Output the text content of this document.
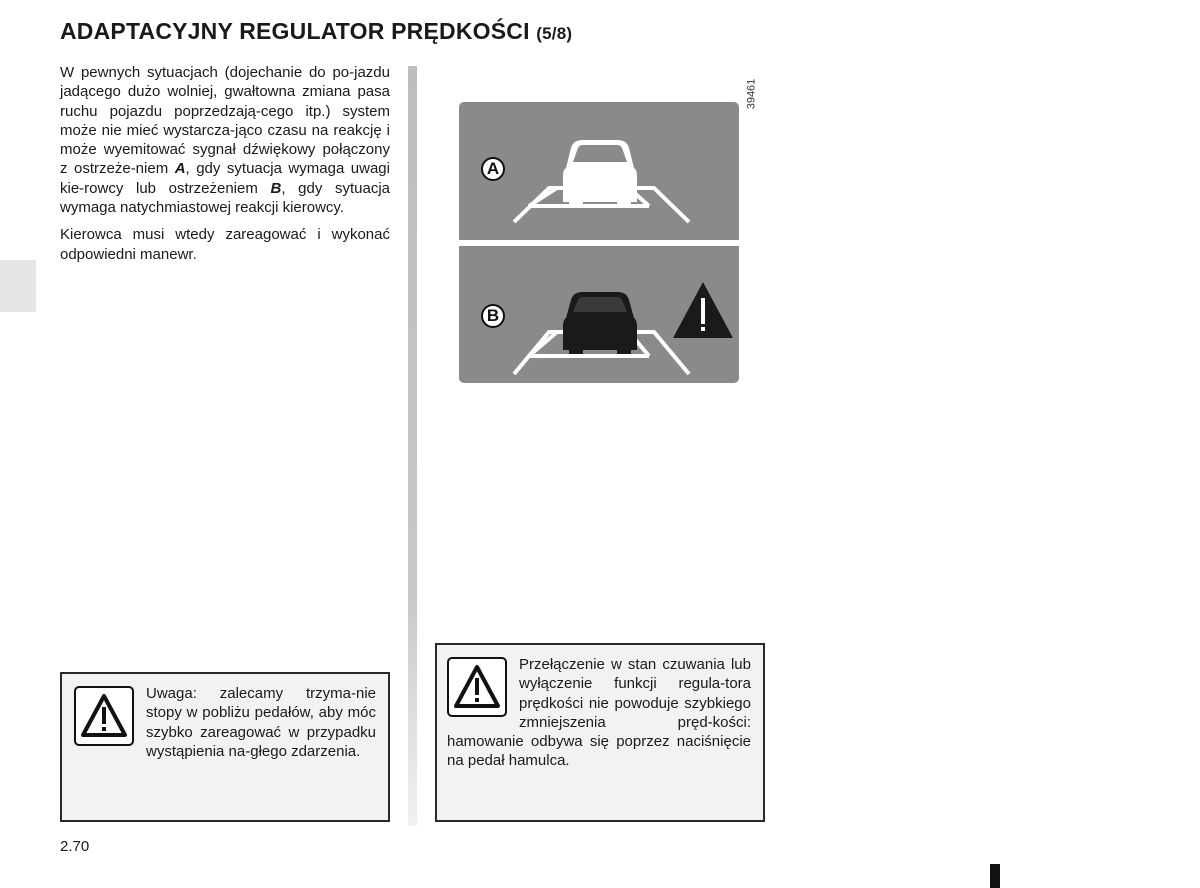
ADAPTACYJNY REGULATOR PRĘDKOŚCI (5/8)

W pewnych sytuacjach (dojechanie do po-jazdu jadącego dużo wolniej, gwałtowna zmiana pasa ruchu pojazdu poprzedzają-cego itp.) system może nie mieć wystarcza-jąco czasu na reakcję i może wyemitować sygnał dźwiękowy połączony z ostrzeże-niem A, gdy sytuacja wymaga uwagi kie-rowcy lub ostrzeżeniem B, gdy sytuacja wymaga natychmiastowej reakcji kierowcy.

Kierowca musi wtedy zareagować i wykonać odpowiedni manewr.

39461
A
B

Uwaga: zalecamy trzyma-nie stopy w pobliżu pedałów, aby móc szybko zareagować w przypadku wystąpienia na-głego zdarzenia.

Przełączenie w stan czuwania lub wyłączenie funkcji regula-tora prędkości nie powoduje szybkiego zmniejszenia pręd-kości: hamowanie odbywa się poprzez naciśnięcie na pedał hamulca.

2.70
